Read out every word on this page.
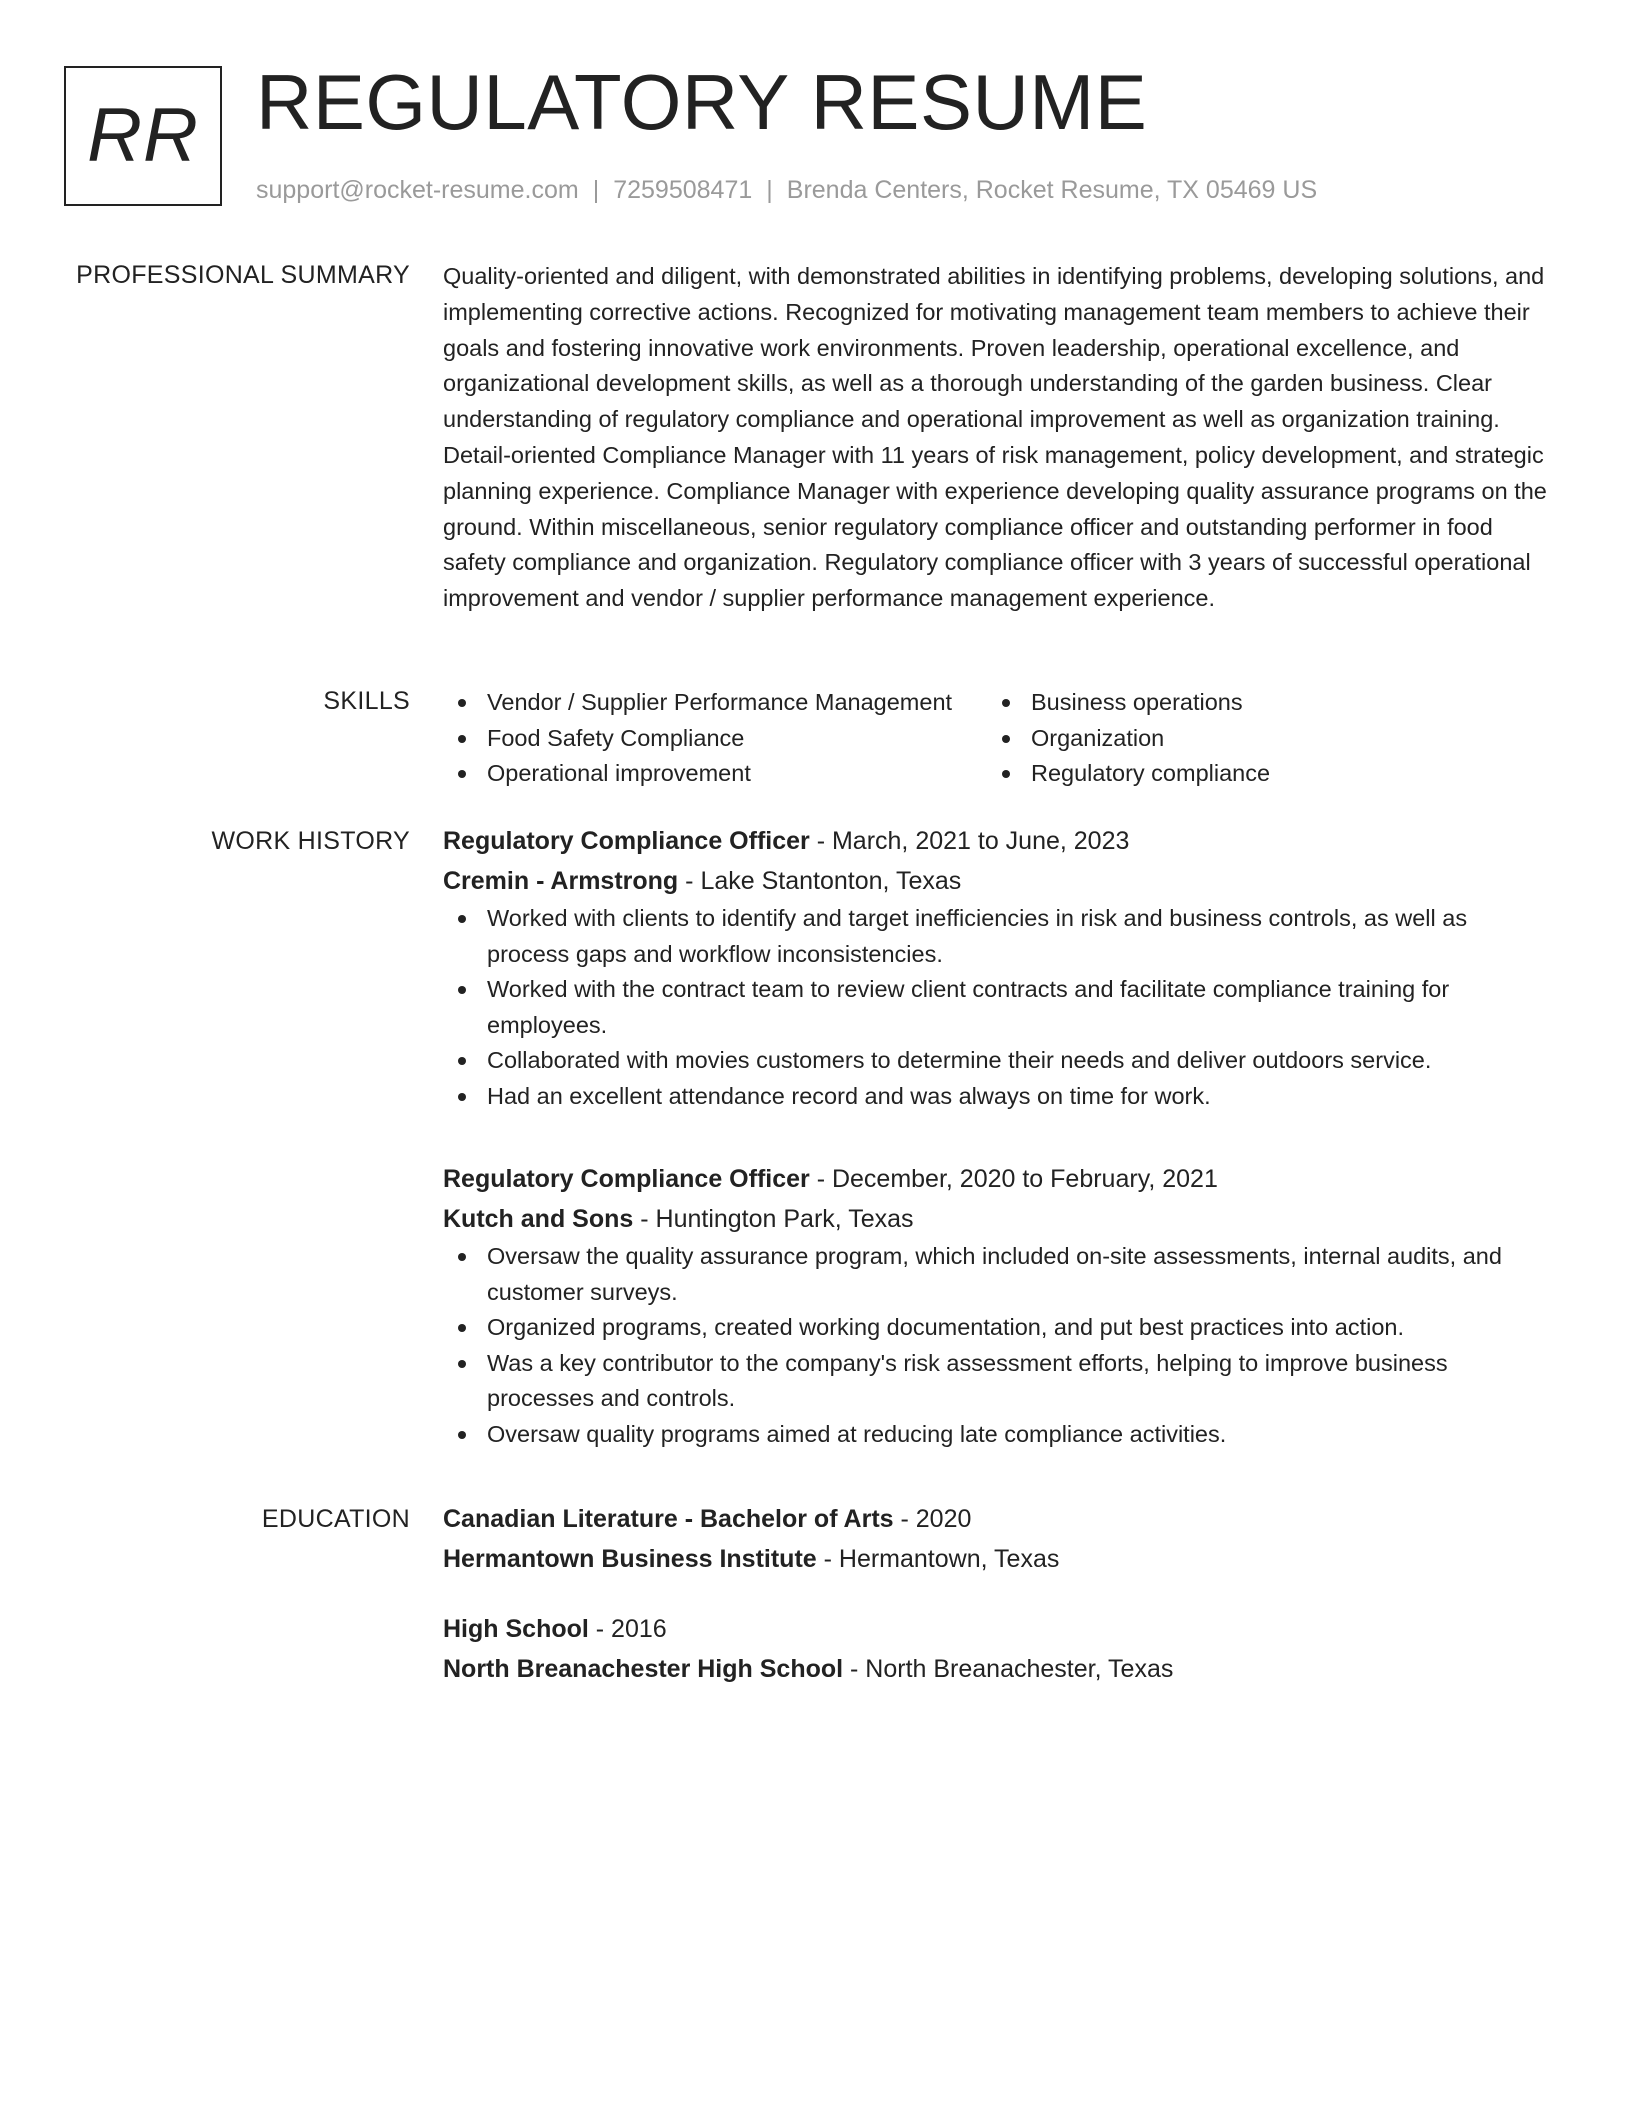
RR REGULATORY RESUME
support@rocket-resume.com | 7259508471 | Brenda Centers, Rocket Resume, TX 05469 US
PROFESSIONAL SUMMARY Quality-oriented and diligent, with demonstrated abilities in identifying problems, developing solutions, and implementing corrective actions. Recognized for motivating management team members to achieve their goals and fostering innovative work environments. Proven leadership, operational excellence, and organizational development skills, as well as a thorough understanding of the garden business. Clear understanding of regulatory compliance and operational improvement as well as organization training. Detail-oriented Compliance Manager with 11 years of risk management, policy development, and strategic planning experience. Compliance Manager with experience developing quality assurance programs on the ground. Within miscellaneous, senior regulatory compliance officer and outstanding performer in food safety compliance and organization. Regulatory compliance officer with 3 years of successful operational improvement and vendor / supplier performance management experience.

SKILLS	Vendor / Supplier Performance Management
Food Safety Compliance
Operational improvement
Business operations
Organization
Regulatory compliance
WORK HISTORY Regulatory Compliance Officer - March, 2021 to June, 2023
Cremin - Armstrong - Lake Stantonton, Texas
Worked with clients to identify and target inefficiencies in risk and business controls, as well as process gaps and workflow inconsistencies.
Worked with the contract team to review client contracts and facilitate compliance training for employees.
Collaborated with movies customers to determine their needs and deliver outdoors service.
Had an excellent attendance record and was always on time for work.
Regulatory Compliance Officer - December, 2020 to February, 2021
Kutch and Sons - Huntington Park, Texas
Oversaw the quality assurance program, which included on-site assessments, internal audits, and customer surveys.
Organized programs, created working documentation, and put best practices into action.
Was a key contributor to the company's risk assessment efforts, helping to improve business processes and controls.
Oversaw quality programs aimed at reducing late compliance activities.
EDUCATION Canadian Literature - Bachelor of Arts - 2020
Hermantown Business Institute - Hermantown, Texas
High School - 2016
North Breanachester High School - North Breanachester, Texas
